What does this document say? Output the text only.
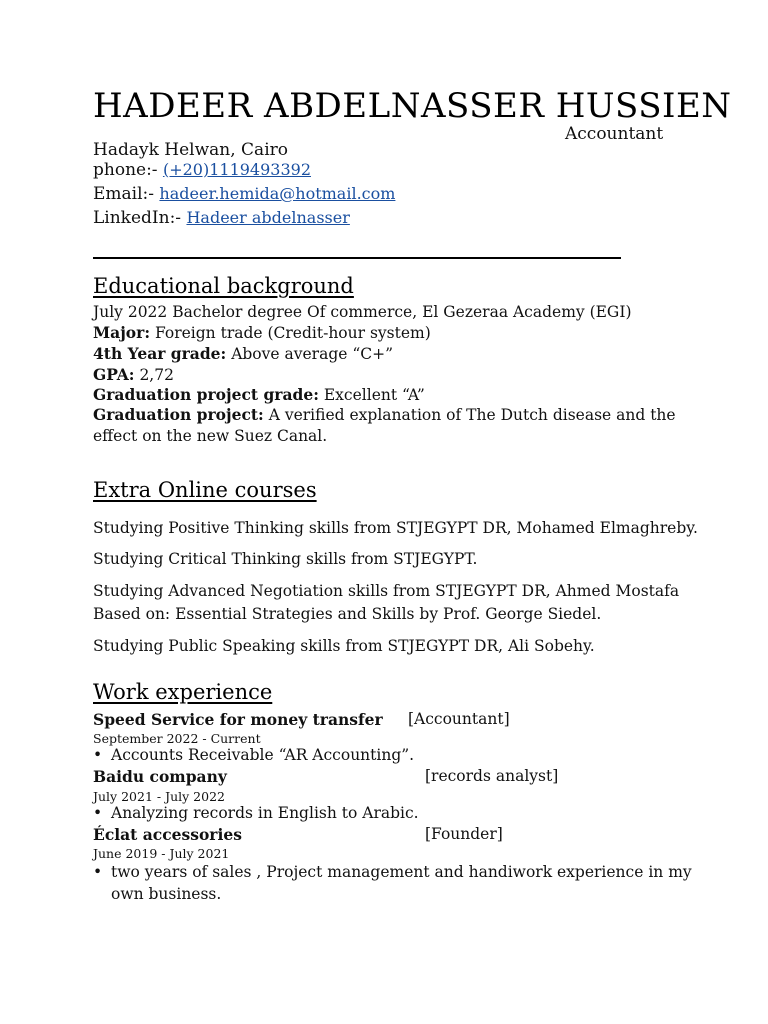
HADEER ABDELNASSER HUSSIEN
Accountant
Hadayk Helwan, Cairo
phone:- (+20)1119493392
Email:- hadeer.hemida@hotmail.com
LinkedIn:- Hadeer abdelnasser
Educational background
July 2022 Bachelor degree Of commerce, El Gezeraa Academy (EGI)
Major: Foreign trade (Credit-hour system)
4th Year grade: Above average “C+”
GPA: 2,72
Graduation project grade: Excellent “A”
Graduation project: A verified explanation of The Dutch disease and the
effect on the new Suez Canal.
Extra Online courses
Studying Positive Thinking skills from STJEGYPT DR, Mohamed Elmaghreby.
Studying Critical Thinking skills from STJEGYPT.
Studying Advanced Negotiation skills from STJEGYPT DR, Ahmed Mostafa
Based on: Essential Strategies and Skills by Prof. George Siedel.
Studying Public Speaking skills from STJEGYPT DR, Ali Sobehy.
Work experience
Speed Service for money transfer [Accountant]
September 2022 - Current
• Accounts Receivable “AR Accounting”.
Baidu company	[records analyst]
July 2021 - July 2022
• Analyzing records in English to Arabic.
Éclat accessories	[Founder]
June 2019 - July 2021
• two years of sales , Project management and handiwork experience in my
own business.
